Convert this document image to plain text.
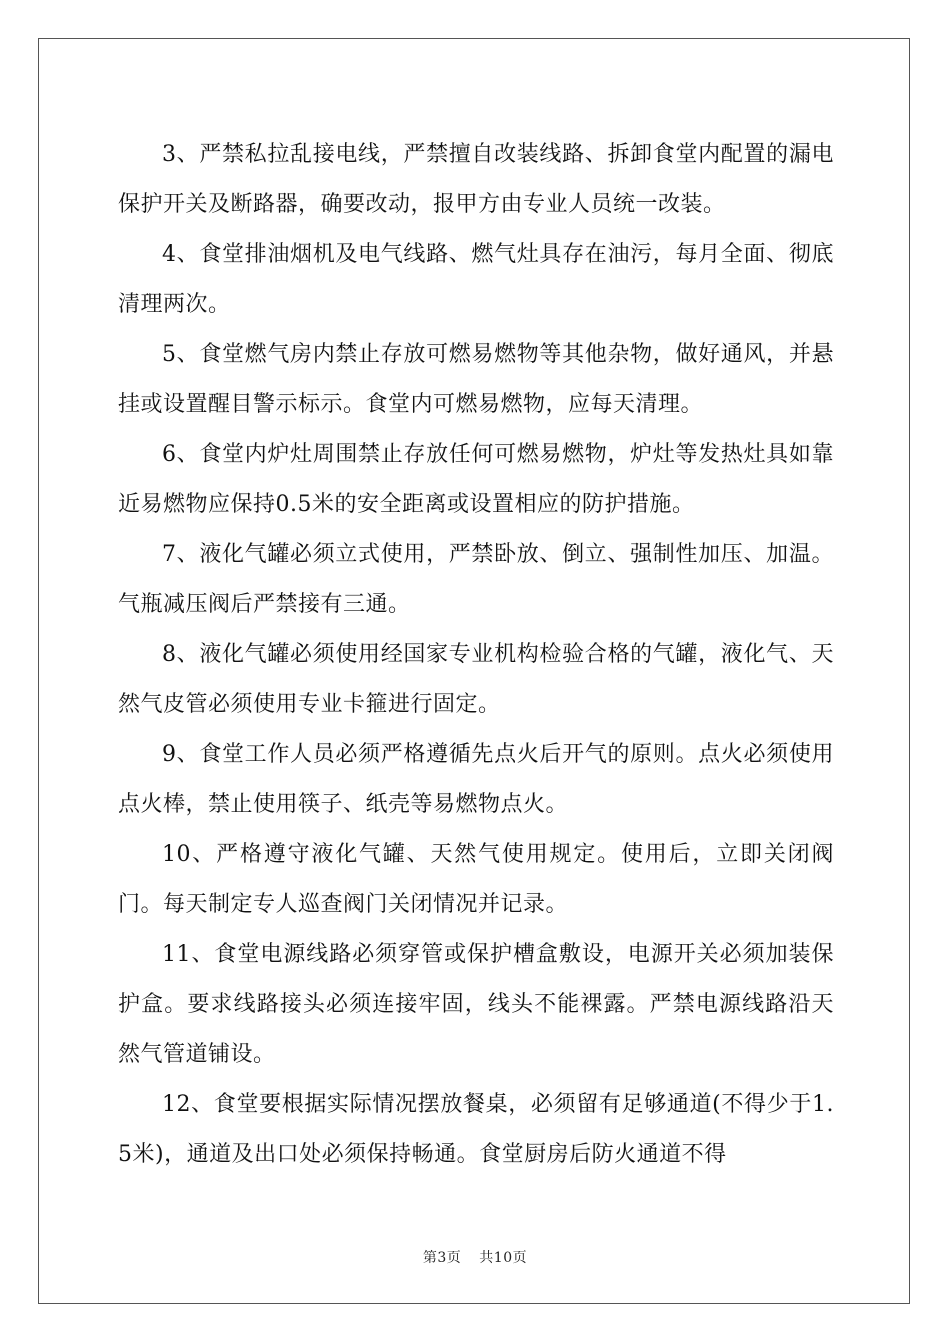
3、严禁私拉乱接电线，严禁擅自改装线路、拆卸食堂内配置的漏电保护开关及断路器，确要改动，报甲方由专业人员统一改装。

4、食堂排油烟机及电气线路、燃气灶具存在油污，每月全面、彻底清理两次。

5、食堂燃气房内禁止存放可燃易燃物等其他杂物，做好通风，并悬挂或设置醒目警示标示。食堂内可燃易燃物，应每天清理。

6、食堂内炉灶周围禁止存放任何可燃易燃物，炉灶等发热灶具如靠近易燃物应保持0.5米的安全距离或设置相应的防护措施。

7、液化气罐必须立式使用，严禁卧放、倒立、强制性加压、加温。气瓶减压阀后严禁接有三通。

8、液化气罐必须使用经国家专业机构检验合格的气罐，液化气、天然气皮管必须使用专业卡箍进行固定。

9、食堂工作人员必须严格遵循先点火后开气的原则。点火必须使用点火棒，禁止使用筷子、纸壳等易燃物点火。

10、严格遵守液化气罐、天然气使用规定。使用后，立即关闭阀门。每天制定专人巡查阀门关闭情况并记录。

11、食堂电源线路必须穿管或保护槽盒敷设，电源开关必须加装保护盒。要求线路接头必须连接牢固，线头不能裸露。严禁电源线路沿天然气管道铺设。

12、食堂要根据实际情况摆放餐桌，必须留有足够通道(不得少于1.5米)，通道及出口处必须保持畅通。食堂厨房后防火通道不得

第3页 共10页
